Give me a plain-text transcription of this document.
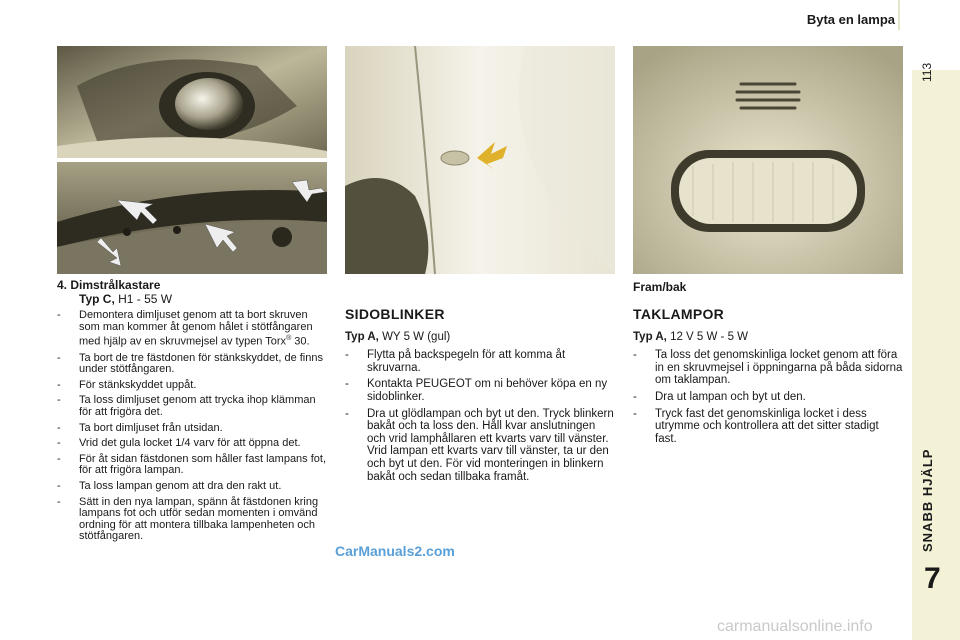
Byta en lampa
113
SNABB HJÄLP
7
4. Dimstrålkastare
Typ C, H1 - 55 W
-	Demontera dimljuset genom att ta bort skruven som man kommer åt genom hålet i stötfångaren med hjälp av en skruvmejsel av typen Torx® 30.
-	Ta bort de tre fästdonen för stänkskyddet, de finns under stötfångaren.
-	För stänkskyddet uppåt.
-	Ta loss dimljuset genom att trycka ihop klämman för att frigöra det.
-	Ta bort dimljuset från utsidan.
-	Vrid det gula locket 1/4 varv för att öppna det.
-	För åt sidan fästdonen som håller fast lampans fot, för att frigöra lampan.
-	Ta loss lampan genom att dra den rakt ut.
-	Sätt in den nya lampan, spänn åt fästdonen kring lampans fot och utför sedan momenten i omvänd ordning för att montera tillbaka lampenheten och stötfångaren.
SIDOBLINKER
Typ A, WY 5 W (gul)
-	Flytta på backspegeln för att komma åt skruvarna.
-	Kontakta PEUGEOT om ni behöver köpa en ny sidoblinker.
-	Dra ut glödlampan och byt ut den. Tryck blinkern bakåt och ta loss den. Håll kvar anslutningen och vrid lamphållaren ett kvarts varv till vänster. Vrid lampan ett kvarts varv till vänster, ta ur den och byt ut den. För vid monteringen in blinkern bakåt och sedan tillbaka framåt.
Fram/bak
TAKLAMPOR
Typ A, 12 V 5 W - 5 W
-	Ta loss det genomskinliga locket genom att föra in en skruvmejsel i öppningarna på båda sidorna om taklampan.
-	Dra ut lampan och byt ut den.
-	Tryck fast det genomskinliga locket i dess utrymme och kontrollera att det sitter stadigt fast.
CarManuals2.com
carmanualsonline.info
